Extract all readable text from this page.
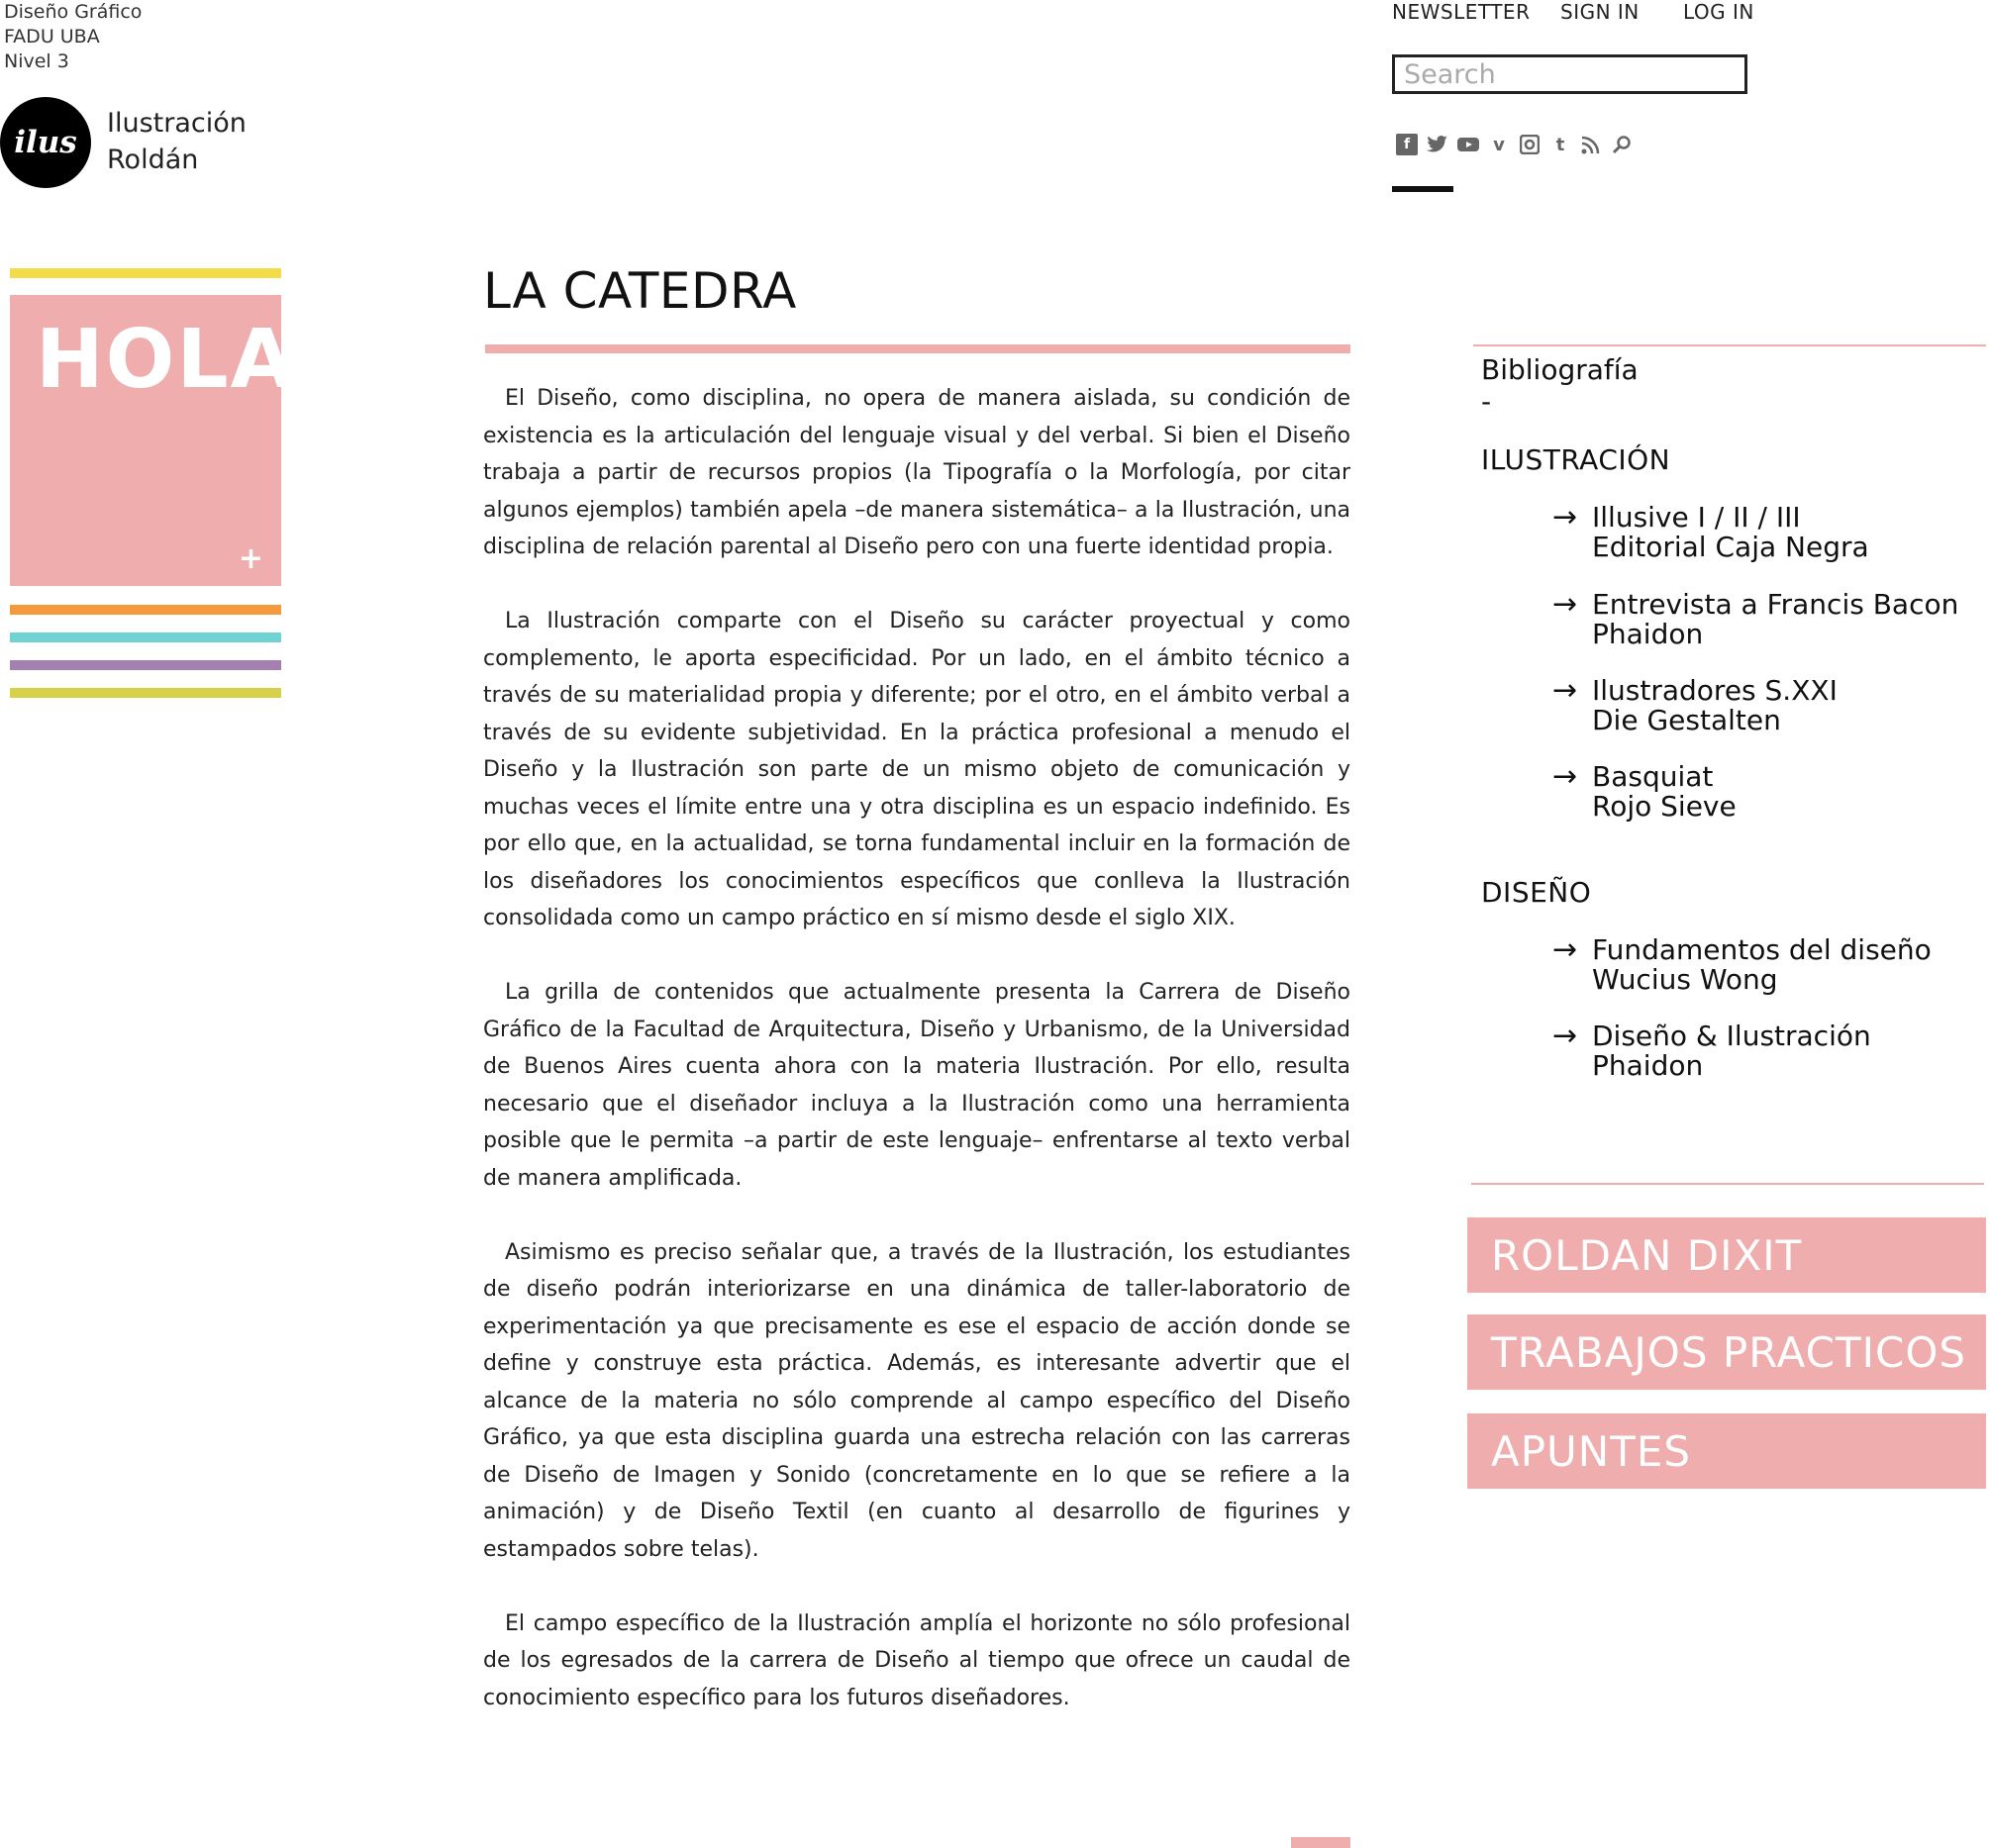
Diseño Gráfico
FADU UBA
Nivel 3
ilus
Ilustración
Roldán
NEWSLETTER SIGN IN LOG IN
Search
f	v	t
HOLA
+
LA CATEDRA

El Diseño, como disciplina, no opera de manera aislada, su condición de existencia es la articulación del lenguaje visual y del verbal. Si bien el Diseño trabaja a partir de recursos propios (la Tipografía o la Morfología, por citar algunos ejemplos) también apela –de manera sistemática– a la Ilustración, una disciplina de relación parental al Diseño pero con una fuerte identidad propia.

La Ilustración comparte con el Diseño su carácter proyectual y como complemento, le aporta especificidad. Por un lado, en el ámbito técnico a través de su materialidad propia y diferente; por el otro, en el ámbito verbal a través de su evidente subjetividad. En la práctica profesional a menudo el Diseño y la Ilustración son parte de un mismo objeto de comunicación y muchas veces el límite entre una y otra disciplina es un espacio indefinido. Es por ello que, en la actualidad, se torna fundamental incluir en la formación de los diseñadores los conocimientos específicos que conlleva la Ilustración consolidada como un campo práctico en sí mismo desde el siglo XIX.

La grilla de contenidos que actualmente presenta la Carrera de Diseño Gráfico de la Facultad de Arquitectura, Diseño y Urbanismo, de la Universidad de Buenos Aires cuenta ahora con la materia Ilustración. Por ello, resulta necesario que el diseñador incluya a la Ilustración como una herramienta posible que le permita –a partir de este lenguaje– enfrentarse al texto verbal de manera amplificada.

Asimismo es preciso señalar que, a través de la Ilustración, los estudiantes de diseño podrán interiorizarse en una dinámica de taller-laboratorio de experimentación ya que precisamente es ese el espacio de acción donde se define y construye esta práctica. Además, es interesante advertir que el alcance de la materia no sólo comprende al campo específico del Diseño Gráfico, ya que esta disciplina guarda una estrecha relación con las carreras de Diseño de Imagen y Sonido (concretamente en lo que se refiere a la animación) y de Diseño Textil (en cuanto al desarrollo de figurines y estampados sobre telas).

El campo específico de la Ilustración amplía el horizonte no sólo profesional de los egresados de la carrera de Diseño al tiempo que ofrece un caudal de conocimiento específico para los futuros diseñadores.

Bibliografía
-
ILUSTRACIÓN
→ Illusive I / II / III
Editorial Caja Negra
→ Entrevista a Francis Bacon
Phaidon
→ Ilustradores S.XXI
Die Gestalten
→ Basquiat
Rojo Sieve
DISEÑO
→ Fundamentos del diseño
Wucius Wong
→ Diseño & Ilustración
Phaidon
ROLDAN DIXIT
TRABAJOS PRACTICOS
APUNTES
